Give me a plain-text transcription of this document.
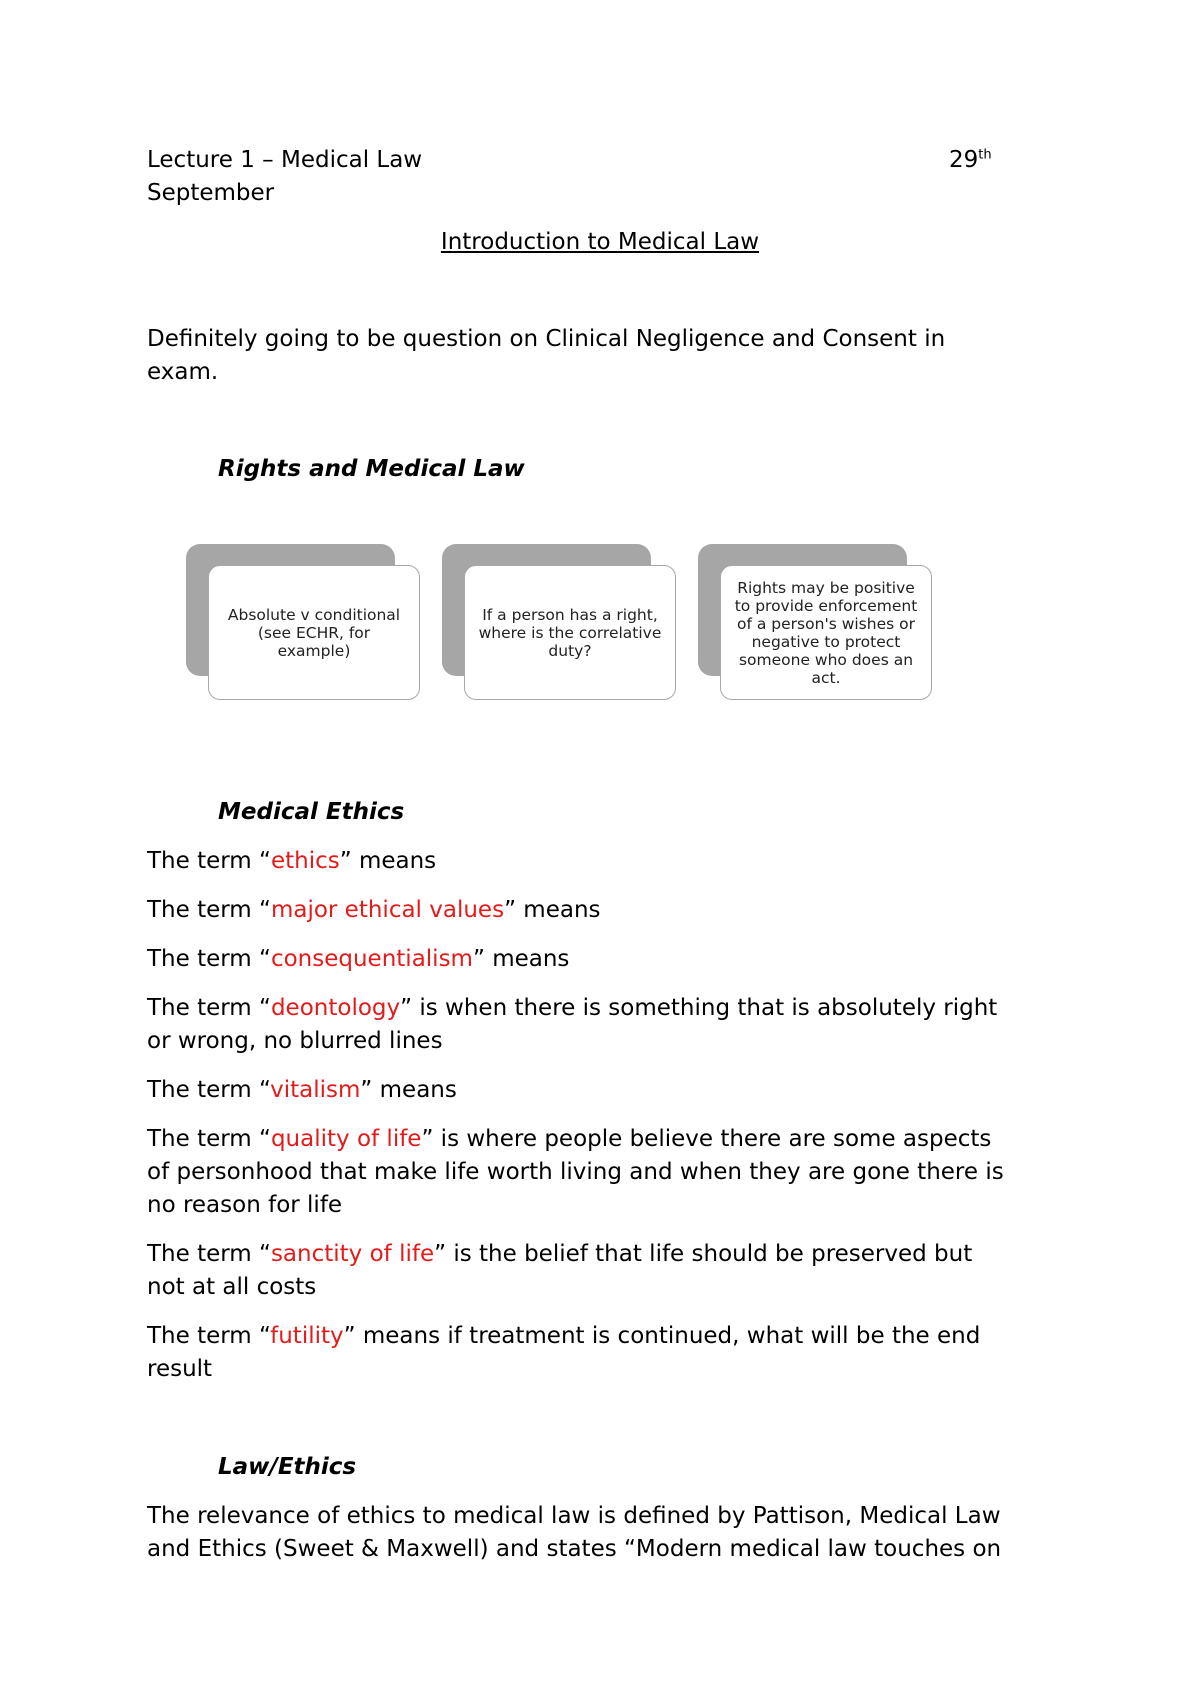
Lecture 1 – Medical Law	29th
September
Introduction to Medical Law
Definitely going to be question on Clinical Negligence and Consent in
exam.
Rights and Medical Law
Absolute v conditional (see ECHR, for example)
If a person has a right, where is the correlative duty?
Rights may be positive to provide enforcement of a person's wishes or negative to protect someone who does an act.
Medical Ethics
The term “ethics” means
The term “major ethical values” means
The term “consequentialism” means
The term “deontology” is when there is something that is absolutely right
or wrong, no blurred lines
The term “vitalism” means
The term “quality of life” is where people believe there are some aspects
of personhood that make life worth living and when they are gone there is
no reason for life
The term “sanctity of life” is the belief that life should be preserved but
not at all costs
The term “futility” means if treatment is continued, what will be the end
result
Law/Ethics
The relevance of ethics to medical law is defined by Pattison, Medical Law
and Ethics (Sweet & Maxwell) and states “Modern medical law touches on
